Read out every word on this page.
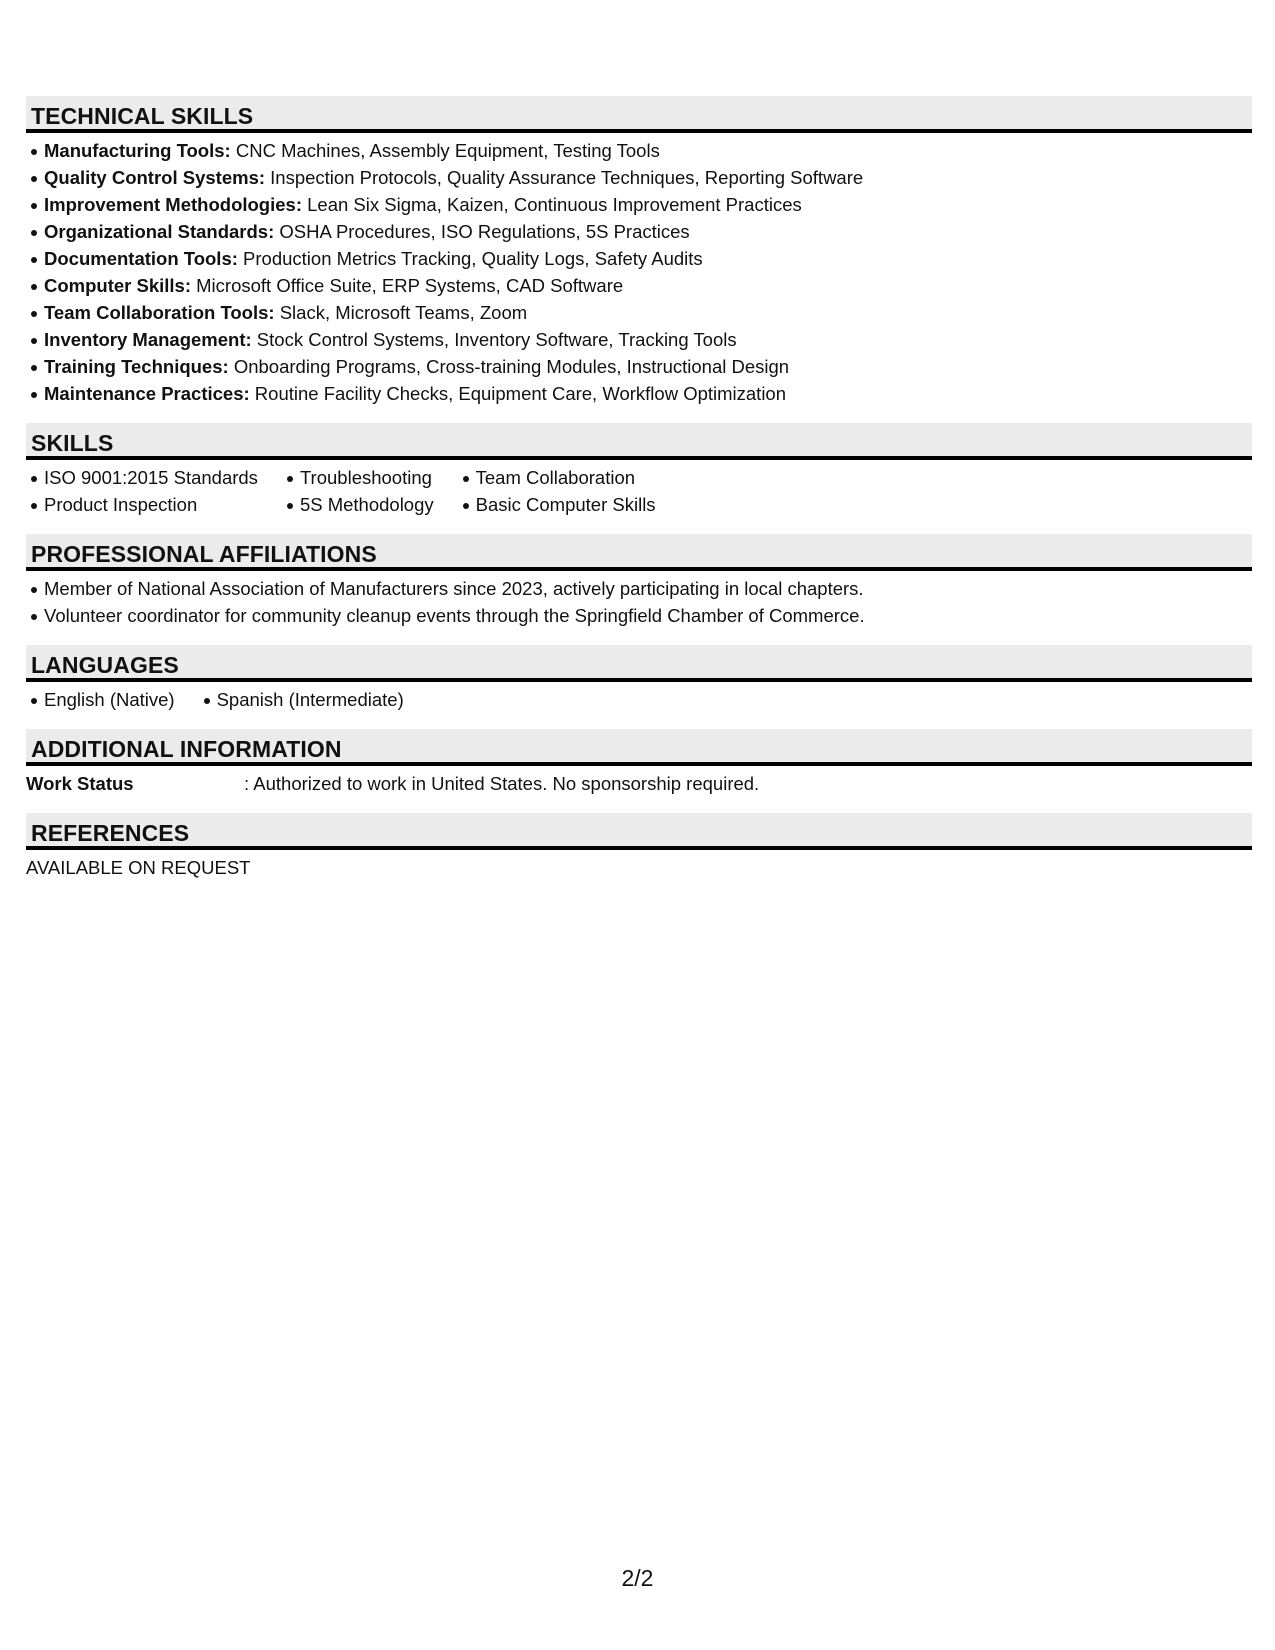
TECHNICAL SKILLS
Manufacturing Tools: CNC Machines, Assembly Equipment, Testing Tools
Quality Control Systems: Inspection Protocols, Quality Assurance Techniques, Reporting Software
Improvement Methodologies: Lean Six Sigma, Kaizen, Continuous Improvement Practices
Organizational Standards: OSHA Procedures, ISO Regulations, 5S Practices
Documentation Tools: Production Metrics Tracking, Quality Logs, Safety Audits
Computer Skills: Microsoft Office Suite, ERP Systems, CAD Software
Team Collaboration Tools: Slack, Microsoft Teams, Zoom
Inventory Management: Stock Control Systems, Inventory Software, Tracking Tools
Training Techniques: Onboarding Programs, Cross-training Modules, Instructional Design
Maintenance Practices: Routine Facility Checks, Equipment Care, Workflow Optimization
SKILLS
ISO 9001:2015 Standards
Product Inspection
Troubleshooting
5S Methodology
Team Collaboration
Basic Computer Skills
PROFESSIONAL AFFILIATIONS
Member of National Association of Manufacturers since 2023, actively participating in local chapters.
Volunteer coordinator for community cleanup events through the Springfield Chamber of Commerce.
LANGUAGES
English (Native)	Spanish (Intermediate)
ADDITIONAL INFORMATION
Work Status	: Authorized to work in United States. No sponsorship required.
REFERENCES
AVAILABLE ON REQUEST
2/2
